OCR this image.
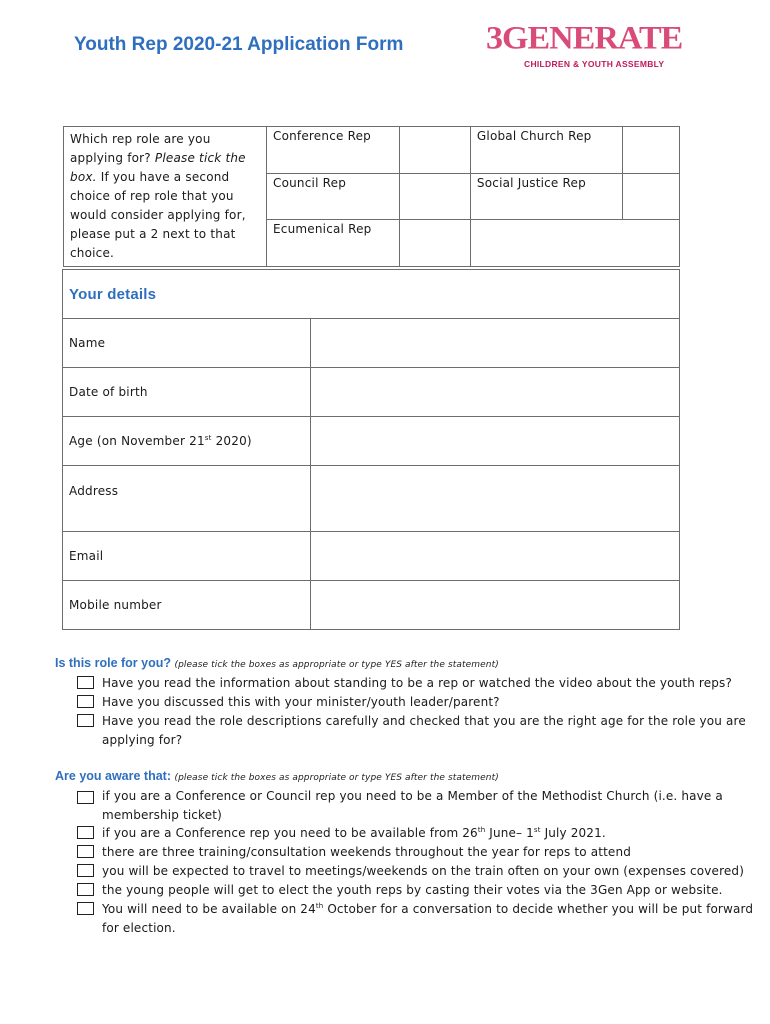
Youth Rep 2020-21 Application Form 3GENERATE
CHILDREN & YOUTH ASSEMBLY
Which rep role are you applying for? Please tick the box. If you have a second choice of rep role that you would consider applying for, please put a 2 next to that choice.	Conference Rep		Global Church Rep	
	Council Rep		Social Justice Rep	
	Ecumenical Rep			
Your details	
Name	
Date of birth	
Age (on November 21st 2020)	
Address	
Email	
Mobile number	
Is this role for you? (please tick the boxes as appropriate or type YES after the statement)
Have you read the information about standing to be a rep or watched the video about the youth reps?
Have you discussed this with your minister/youth leader/parent?
Have you read the role descriptions carefully and checked that you are the right age for the role you are applying for?
Are you aware that: (please tick the boxes as appropriate or type YES after the statement)
if you are a Conference or Council rep you need to be a Member of the Methodist Church (i.e. have a membership ticket)
if you are a Conference rep you need to be available from 26th June– 1st July 2021.
there are three training/consultation weekends throughout the year for reps to attend
you will be expected to travel to meetings/weekends on the train often on your own (expenses covered)
the young people will get to elect the youth reps by casting their votes via the 3Gen App or website.
You will need to be available on 24th October for a conversation to decide whether you will be put forward for election.
